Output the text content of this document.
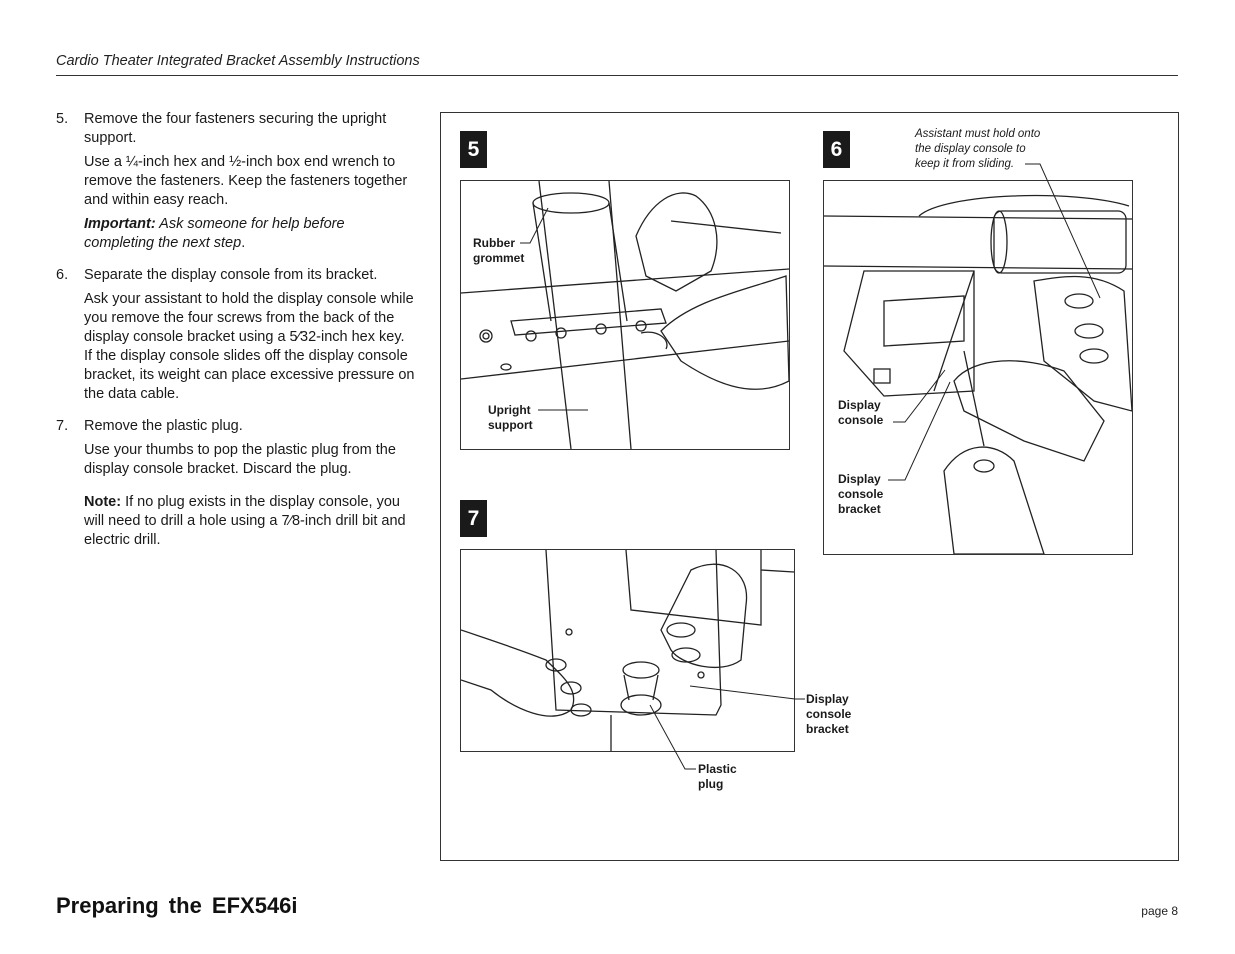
Cardio Theater Integrated Bracket Assembly Instructions
5.	Remove the four fasteners securing the upright support.

Use a ¼-inch hex and ½-inch box end wrench to remove the fasteners. Keep the fasteners together and within easy reach.

Important: Ask someone for help before completing the next step.

6.	Separate the display console from its bracket.

Ask your assistant to hold the display console while you remove the four screws from the back of the display console bracket using a 5⁄32-inch hex key. If the display console slides off the display console bracket, its weight can place excessive pressure on the data cable.

7.	Remove the plastic plug.

Use your thumbs to pop the plastic plug from the display console bracket. Discard the plug.

Note: If no plug exists in the display console, you will need to drill a hole using a 7⁄8-inch drill bit and electric drill.

5
Rubber
grommet
Upright
support
6
Assistant must hold onto
the display console to
keep it from sliding.
Display
console
Display
console
bracket
7
Display
console
bracket
Plastic
plug
Preparing the EFX546i	page 8
